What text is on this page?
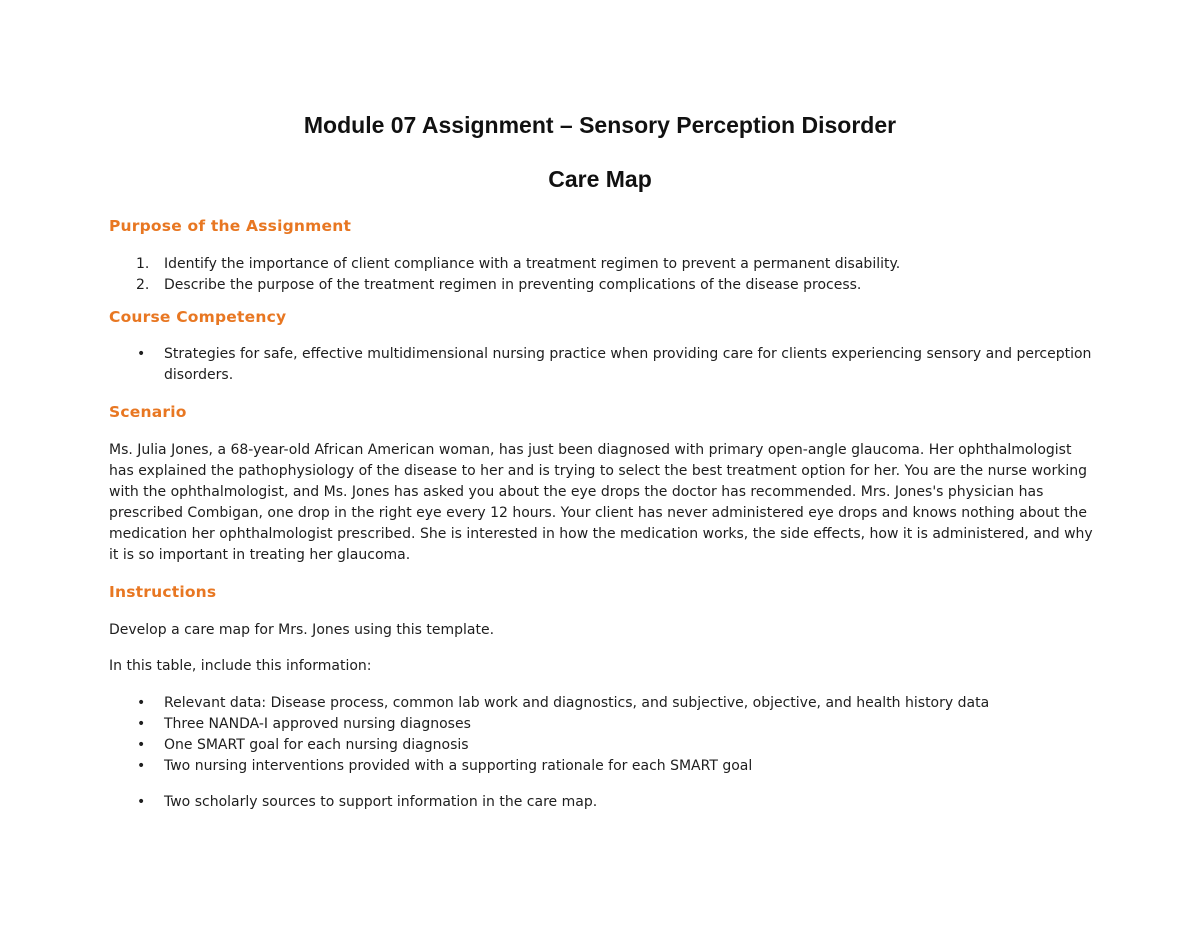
Module 07 Assignment – Sensory Perception Disorder
Care Map
Purpose of the Assignment
1.	Identify the importance of client compliance with a treatment regimen to prevent a permanent disability.
2.	Describe the purpose of the treatment regimen in preventing complications of the disease process.
Course Competency
• Strategies for safe, effective multidimensional nursing practice when providing care for clients experiencing sensory and perception disorders.
Scenario

Ms. Julia Jones, a 68-year-old African American woman, has just been diagnosed with primary open-angle glaucoma. Her ophthalmologist has explained the pathophysiology of the disease to her and is trying to select the best treatment option for her. You are the nurse working with the ophthalmologist, and Ms. Jones has asked you about the eye drops the doctor has recommended. Mrs. Jones's physician has prescribed Combigan, one drop in the right eye every 12 hours. Your client has never administered eye drops and knows nothing about the medication her ophthalmologist prescribed. She is interested in how the medication works, the side effects, how it is administered, and why it is so important in treating her glaucoma.

Instructions

Develop a care map for Mrs. Jones using this template.

In this table, include this information:

• Relevant data: Disease process, common lab work and diagnostics, and subjective, objective, and health history data
• Three NANDA-I approved nursing diagnoses
• One SMART goal for each nursing diagnosis
• Two nursing interventions provided with a supporting rationale for each SMART goal
• Two scholarly sources to support information in the care map.
